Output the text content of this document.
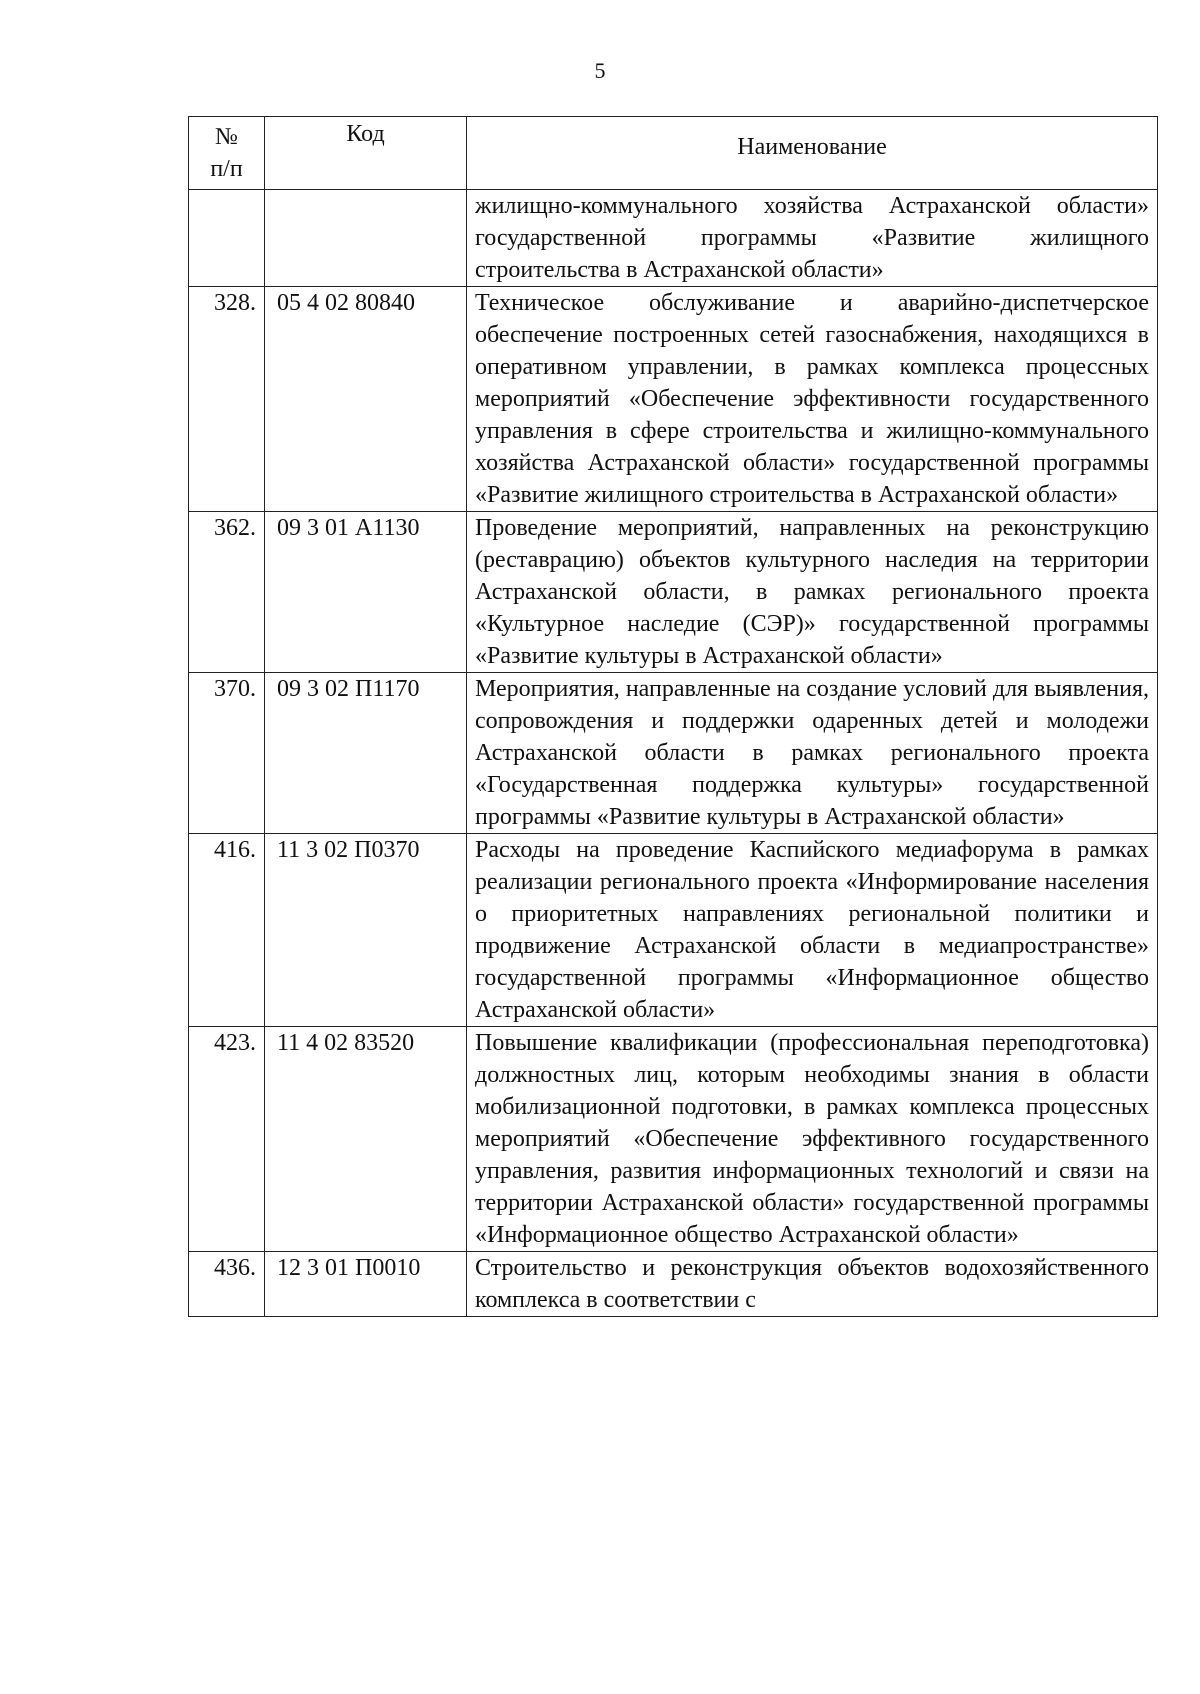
5
№
п/п	Код	Наименование
		жилищно-коммунального хозяйства Астраханской области» государственной программы «Развитие жилищного строительства в Астраханской области»
328.	05 4 02 80840	Техническое обслуживание и аварийно-диспетчерское обеспечение построенных сетей газоснабжения, находящихся в оперативном управлении, в рамках комплекса процессных мероприятий «Обеспечение эффективности государственного управления в сфере строительства и жилищно-коммунального хозяйства Астраханской области» государственной программы «Развитие жилищного строительства в Астраханской области»
362.	09 3 01 А1130	Проведение мероприятий, направленных на реконструкцию (реставрацию) объектов культурного наследия на территории Астраханской области, в рамках регионального проекта «Культурное наследие (СЭР)» государственной программы «Развитие культуры в Астраханской области»
370.	09 3 02 П1170	Мероприятия, направленные на создание условий для выявления, сопровождения и поддержки одаренных детей и молодежи Астраханской области в рамках регионального проекта «Государственная поддержка культуры» государственной программы «Развитие культуры в Астраханской области»
416.	11 3 02 П0370	Расходы на проведение Каспийского медиафорума в рамках реализации регионального проекта «Информирование населения о приоритетных направлениях региональной политики и продвижение Астраханской области в медиапространстве» государственной программы «Информационное общество Астраханской области»
423.	11 4 02 83520	Повышение квалификации (профессиональная переподготовка) должностных лиц, которым необходимы знания в области мобилизационной подготовки, в рамках комплекса процессных мероприятий «Обеспечение эффективного государственного управления, развития информационных технологий и связи на территории Астраханской области» государственной программы «Информационное общество Астраханской области»
436.	12 3 01 П0010	Строительство и реконструкция объектов водохозяйственного комплекса в соответствии с
